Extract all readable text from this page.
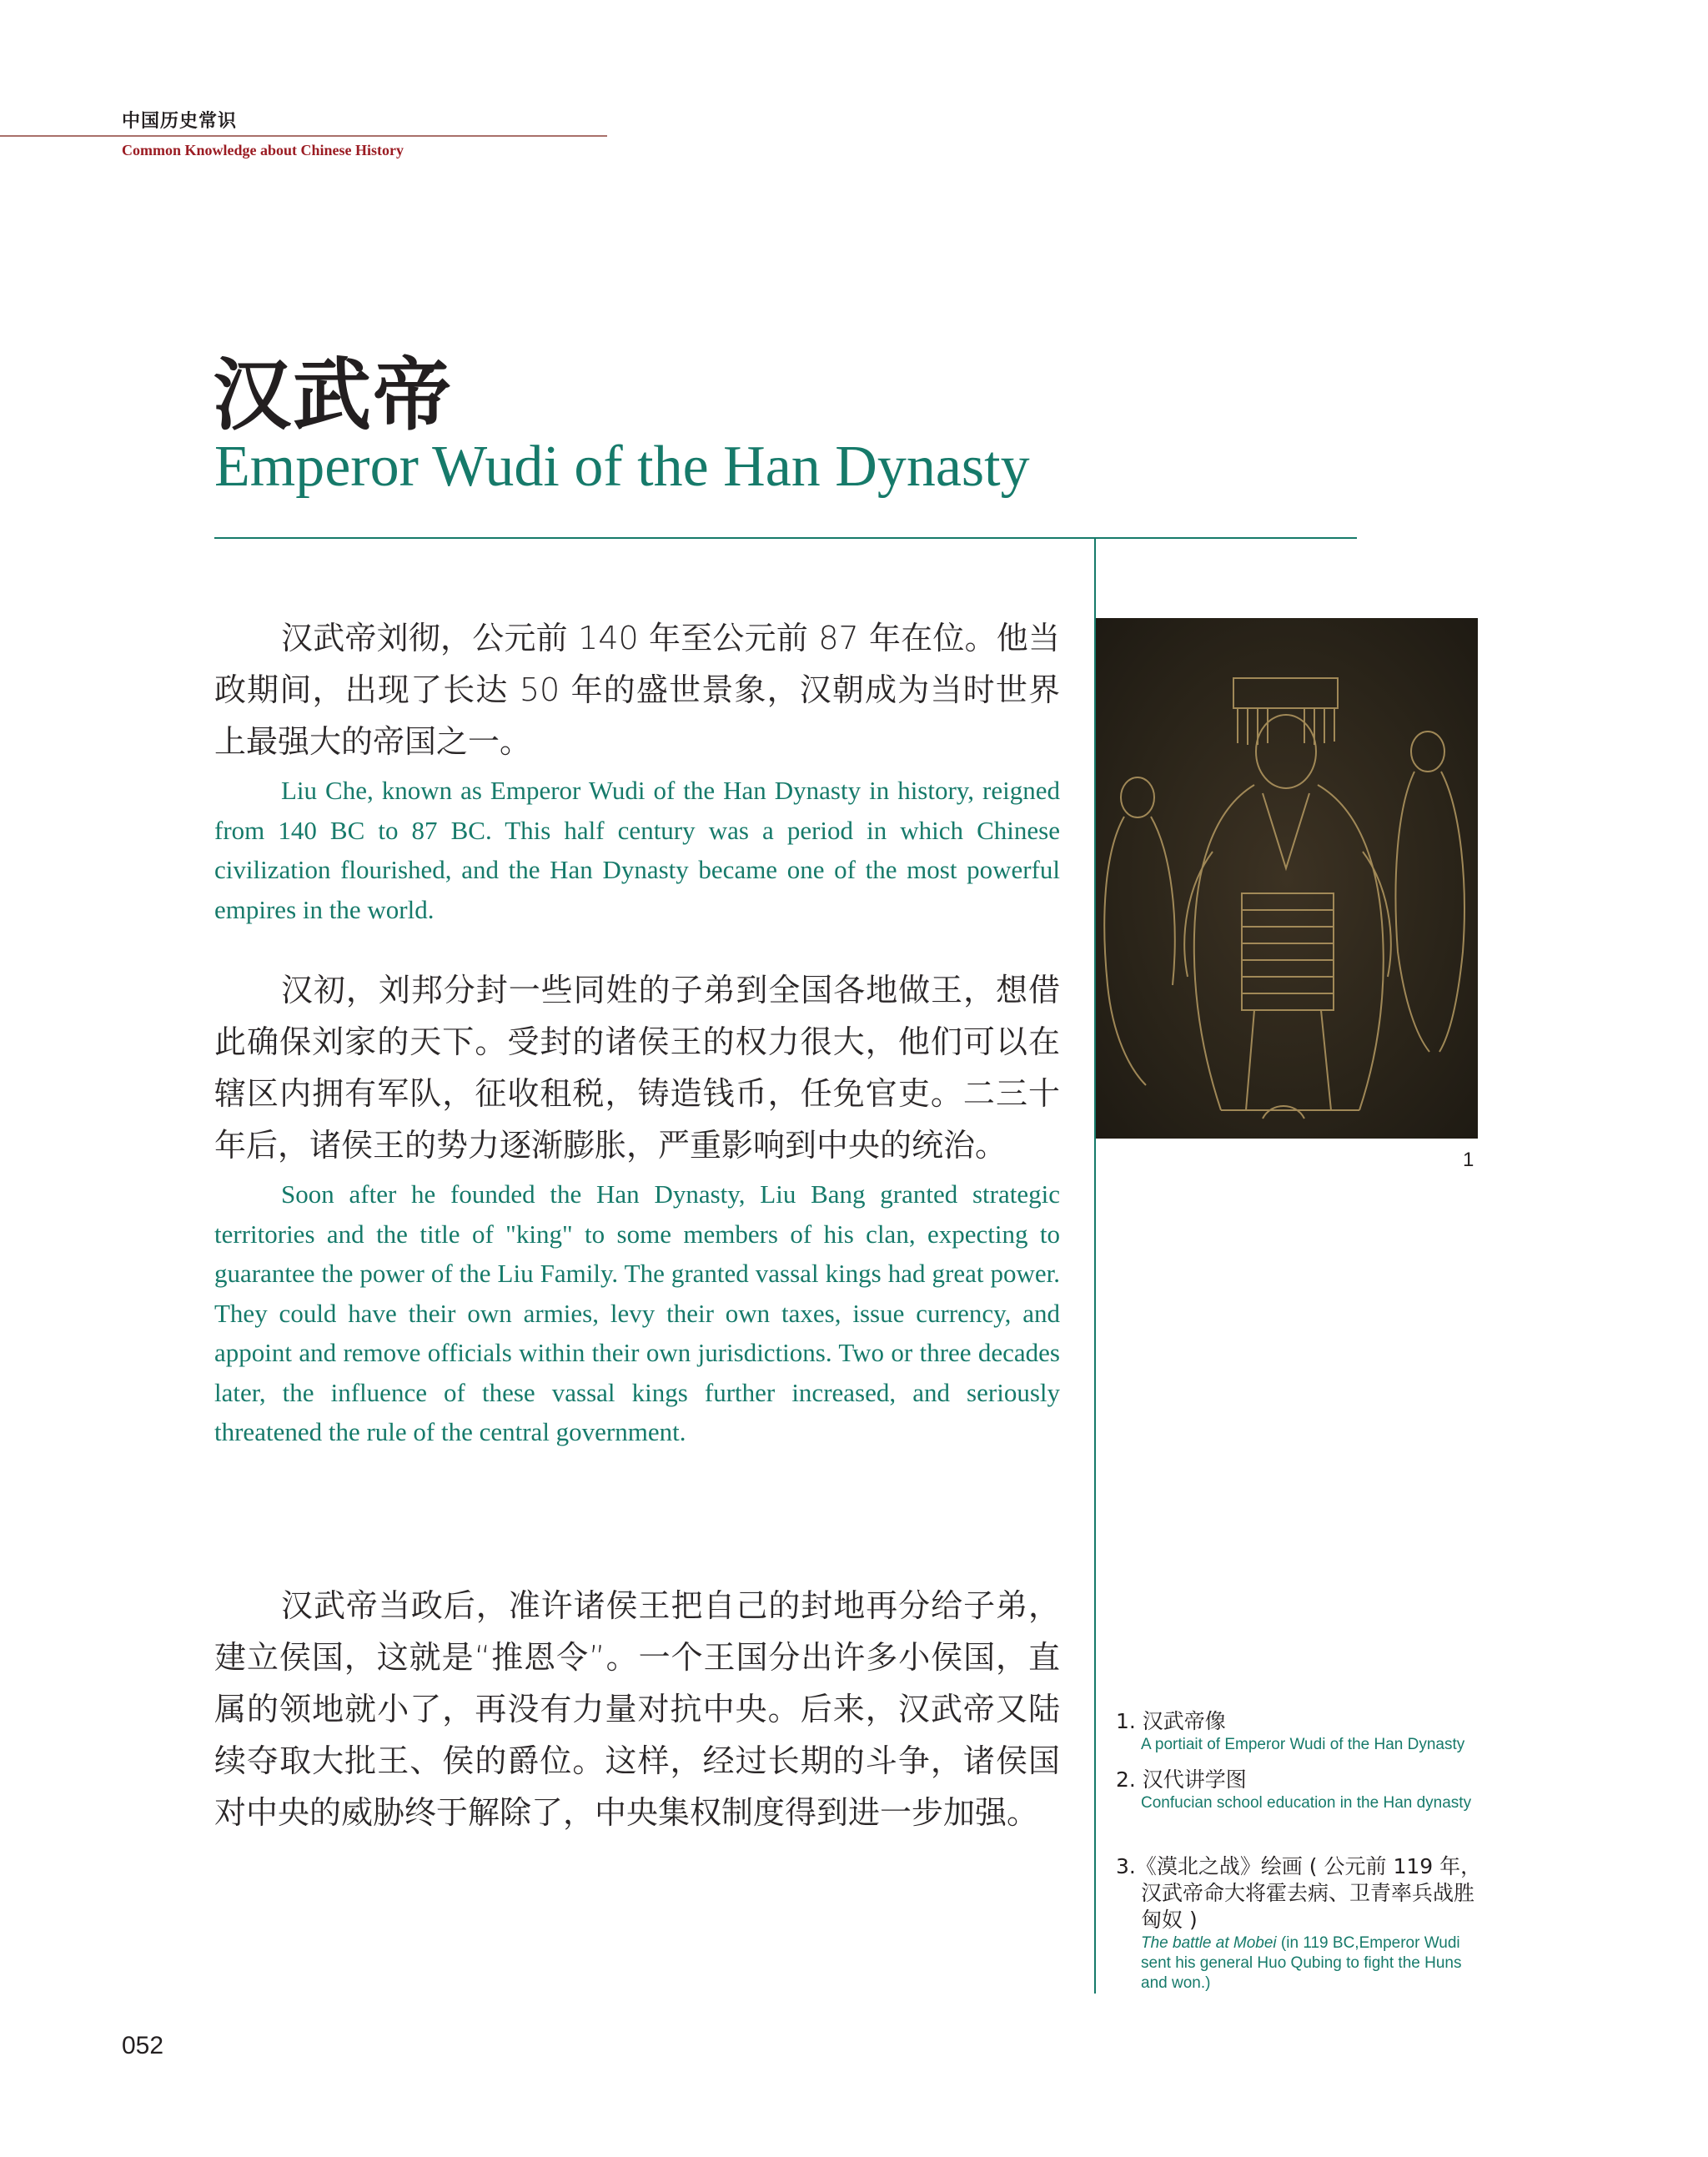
中国历史常识
Common Knowledge about Chinese History
汉武帝
Emperor Wudi of the Han Dynasty

汉武帝刘彻，公元前 140 年至公元前 87 年在位。他当政期间，出现了长达 50 年的盛世景象，汉朝成为当时世界上最强大的帝国之一。

Liu Che, known as Emperor Wudi of the Han Dynasty in history, reigned from 140 BC to 87 BC. This half century was a period in which Chinese civilization flourished, and the Han Dynasty became one of the most powerful empires in the world.

汉初，刘邦分封一些同姓的子弟到全国各地做王，想借此确保刘家的天下。受封的诸侯王的权力很大，他们可以在辖区内拥有军队，征收租税，铸造钱币，任免官吏。二三十年后，诸侯王的势力逐渐膨胀，严重影响到中央的统治。

Soon after he founded the Han Dynasty, Liu Bang granted strategic territories and the title of "king" to some members of his clan, expecting to guarantee the power of the Liu Family. The granted vassal kings had great power. They could have their own armies, levy their own taxes, issue currency, and appoint and remove officials within their own jurisdictions. Two or three decades later, the influence of these vassal kings further increased, and seriously threatened the rule of the central government.

汉武帝当政后，准许诸侯王把自己的封地再分给子弟，建立侯国，这就是“推恩令”。一个王国分出许多小侯国，直属的领地就小了，再没有力量对抗中央。后来，汉武帝又陆续夺取大批王、侯的爵位。这样，经过长期的斗争，诸侯国对中央的威胁终于解除了，中央集权制度得到进一步加强。

1
1. 汉武帝像
A portiait of Emperor Wudi of the Han Dynasty
2. 汉代讲学图
Confucian school education in the Han dynasty
3.《漠北之战》绘画 ( 公元前 119 年，汉武帝命大将霍去病、卫青率兵战胜匈奴 )
The battle at Mobei (in 119 BC,Emperor Wudi sent his general Huo Qubing to fight the Huns and won.)
052
